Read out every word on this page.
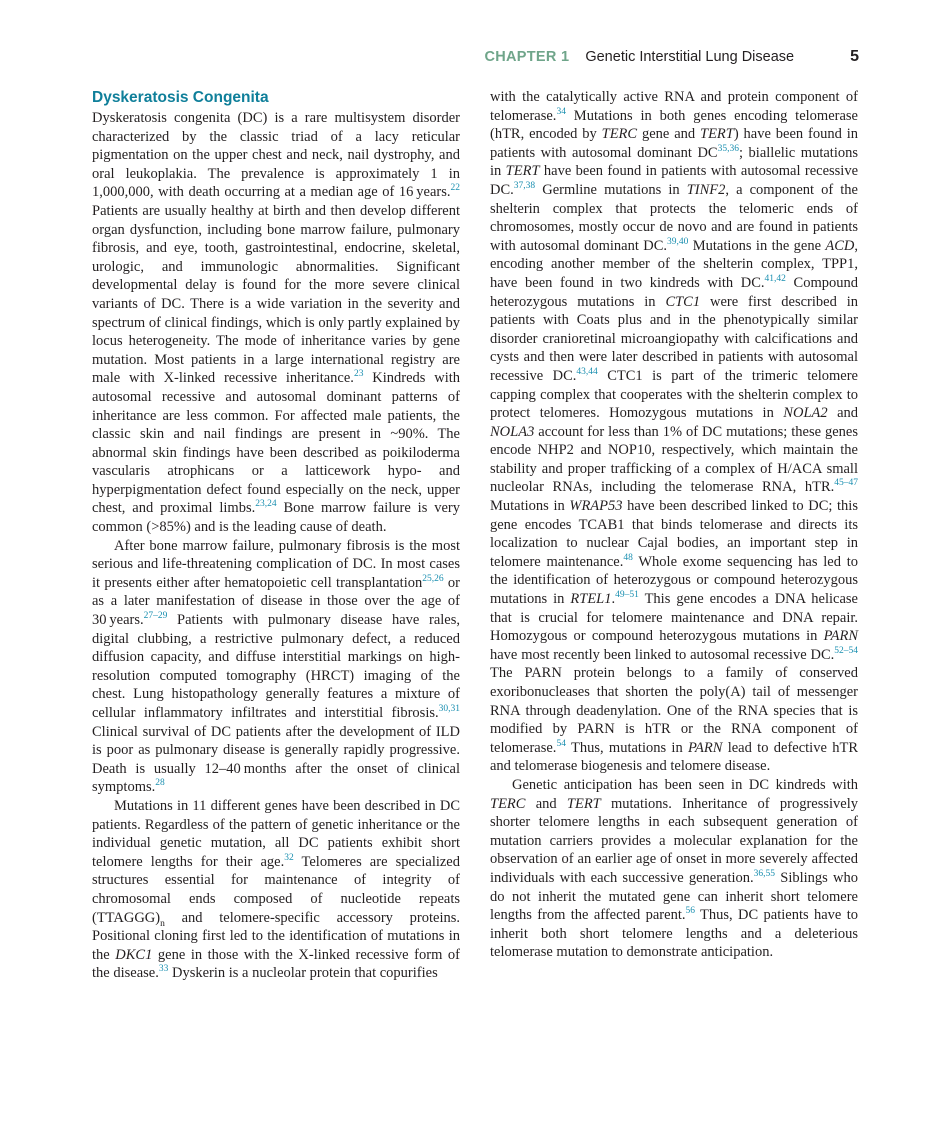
CHAPTER 1 Genetic Interstitial Lung Disease	5
Dyskeratosis Congenita

Dyskeratosis congenita (DC) is a rare multisystem disorder characterized by the classic triad of a lacy reticular pigmentation on the upper chest and neck, nail dystrophy, and oral leukoplakia. The prevalence is approximately 1 in 1,000,000, with death occurring at a median age of 16 years.$^{22}$ Patients are usually healthy at birth and then develop different organ dysfunction, including bone marrow failure, pulmonary fibrosis, and eye, tooth, gastrointestinal, endocrine, skeletal, urologic, and immunologic abnormalities. Significant developmental delay is found for the more severe clinical variants of DC. There is a wide variation in the severity and spectrum of clinical findings, which is only partly explained by locus heterogeneity. The mode of inheritance varies by gene mutation. Most patients in a large international registry are male with X-linked recessive inheritance.$^{23}$ Kindreds with autosomal recessive and autosomal dominant patterns of inheritance are less common. For affected male patients, the classic skin and nail findings are present in ~90%. The abnormal skin findings have been described as poikiloderma vascularis atrophicans or a latticework hypo- and hyperpigmentation defect found especially on the neck, upper chest, and proximal limbs.$^{23,24}$ Bone marrow failure is very common (>85%) and is the leading cause of death.

After bone marrow failure, pulmonary fibrosis is the most serious and life-threatening complication of DC. In most cases it presents either after hematopoietic cell transplantation$^{25,26}$ or as a later manifestation of disease in those over the age of 30 years.$^{27-29}$ Patients with pulmonary disease have rales, digital clubbing, a restrictive pulmonary defect, a reduced diffusion capacity, and diffuse interstitial markings on high-resolution computed tomography (HRCT) imaging of the chest. Lung histopathology generally features a mixture of cellular inflammatory infiltrates and interstitial fibrosis.$^{30,31}$ Clinical survival of DC patients after the development of ILD is poor as pulmonary disease is generally rapidly progressive. Death is usually 12–40 months after the onset of clinical symptoms.$^{28}$

Mutations in 11 different genes have been described in DC patients. Regardless of the pattern of genetic inheritance or the individual genetic mutation, all DC patients exhibit short telomere lengths for their age.$^{32}$ Telomeres are specialized structures essential for maintenance of integrity of chromosomal ends composed of nucleotide repeats $(TTAGGG)_n$ and telomere-specific accessory proteins. Positional cloning first led to the identification of mutations in the DKC1 gene in those with the X-linked recessive form of the disease.$^{33}$ Dyskerin is a nucleolar protein that copurifies

with the catalytically active RNA and protein component of telomerase.$^{34}$ Mutations in both genes encoding telomerase (hTR, encoded by TERC gene and TERT) have been found in patients with autosomal dominant DC$^{35,36}$; biallelic mutations in TERT have been found in patients with autosomal recessive DC.$^{37,38}$ Germline mutations in TINF2, a component of the shelterin complex that protects the telomeric ends of chromosomes, mostly occur de novo and are found in patients with autosomal dominant DC.$^{39,40}$ Mutations in the gene ACD, encoding another member of the shelterin complex, TPP1, have been found in two kindreds with DC.$^{41,42}$ Compound heterozygous mutations in CTC1 were first described in patients with Coats plus and in the phenotypically similar disorder cranioretinal microangiopathy with calcifications and cysts and then were later described in patients with autosomal recessive DC.$^{43,44}$ CTC1 is part of the trimeric telomere capping complex that cooperates with the shelterin complex to protect telomeres. Homozygous mutations in NOLA2 and NOLA3 account for less than 1% of DC mutations; these genes encode NHP2 and NOP10, respectively, which maintain the stability and proper trafficking of a complex of H/ACA small nucleolar RNAs, including the telomerase RNA, hTR.$^{45-47}$ Mutations in WRAP53 have been described linked to DC; this gene encodes TCAB1 that binds telomerase and directs its localization to nuclear Cajal bodies, an important step in telomere maintenance.$^{48}$ Whole exome sequencing has led to the identification of heterozygous or compound heterozygous mutations in RTEL1.$^{49-51}$ This gene encodes a DNA helicase that is crucial for telomere maintenance and DNA repair. Homozygous or compound heterozygous mutations in PARN have most recently been linked to autosomal recessive DC.$^{52-54}$ The PARN protein belongs to a family of conserved exoribonucleases that shorten the poly(A) tail of messenger RNA through deadenylation. One of the RNA species that is modified by PARN is hTR or the RNA component of telomerase.$^{54}$ Thus, mutations in PARN lead to defective hTR and telomerase biogenesis and telomere disease.

Genetic anticipation has been seen in DC kindreds with TERC and TERT mutations. Inheritance of progressively shorter telomere lengths in each subsequent generation of mutation carriers provides a molecular explanation for the observation of an earlier age of onset in more severely affected individuals with each successive generation.$^{36,55}$ Siblings who do not inherit the mutated gene can inherit short telomere lengths from the affected parent.$^{56}$ Thus, DC patients have to inherit both short telomere lengths and a deleterious telomerase mutation to demonstrate anticipation.
